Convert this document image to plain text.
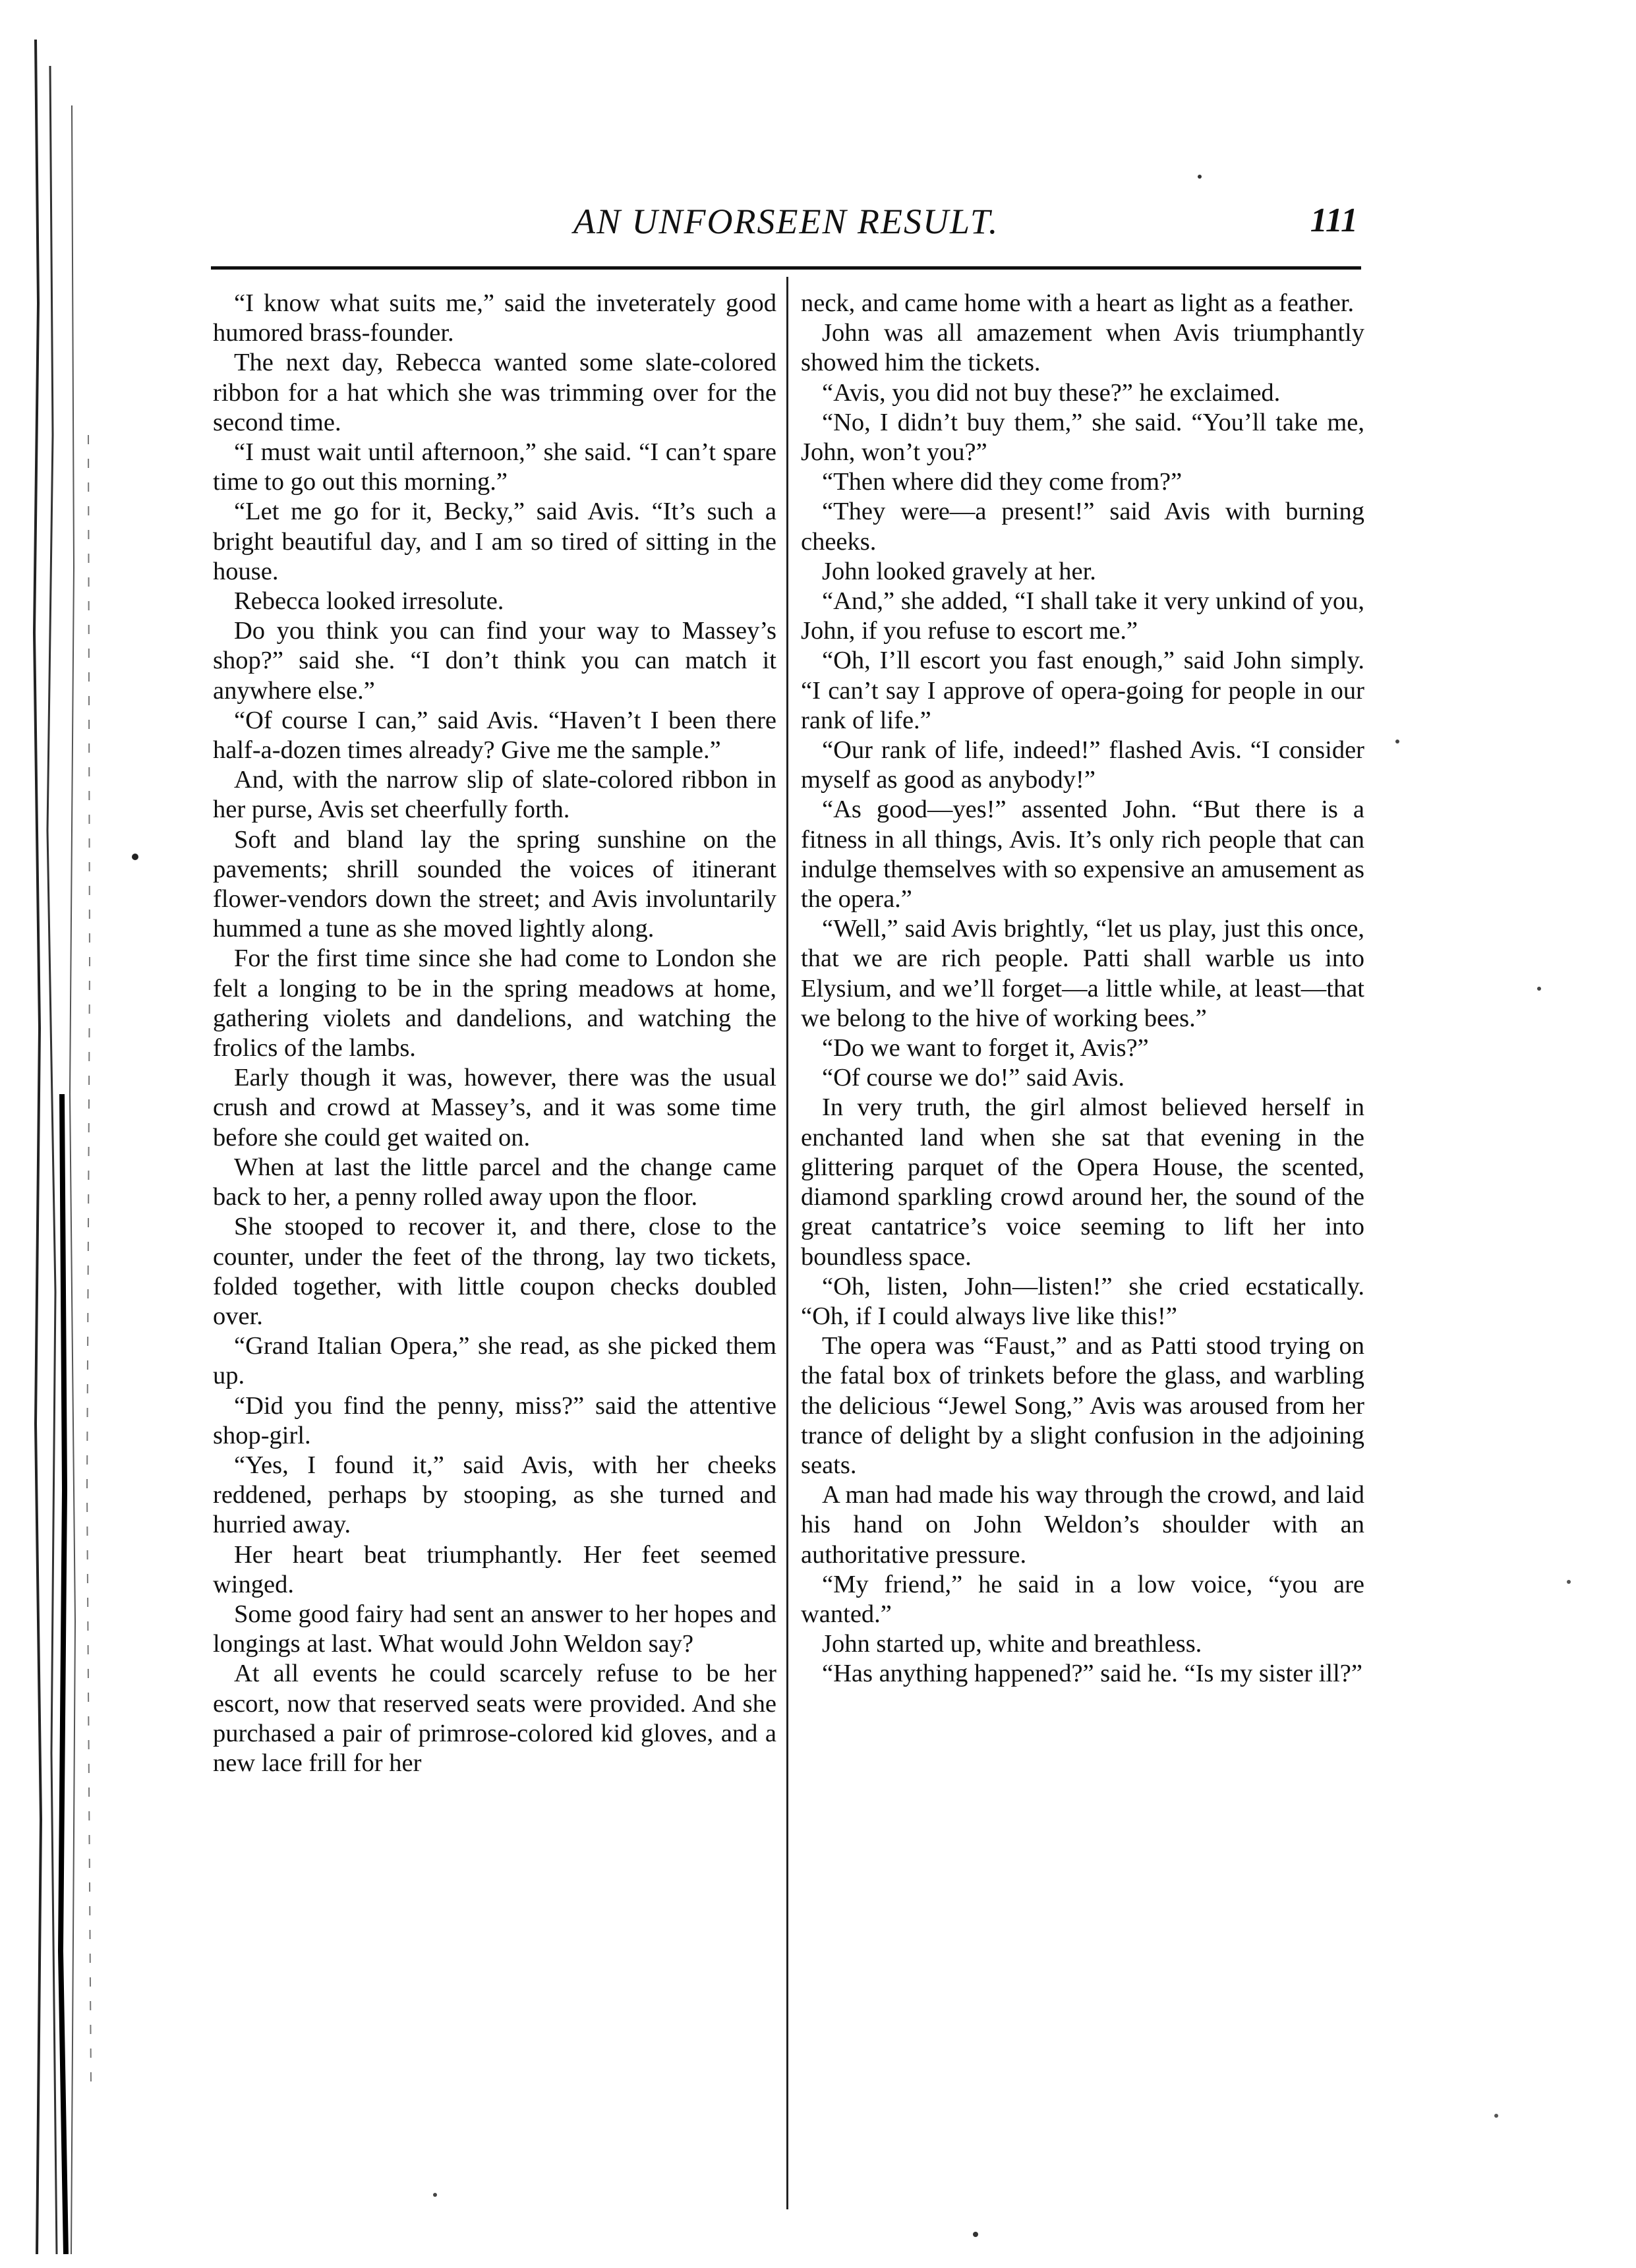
AN UNFORSEEN RESULT.	111

“I know what suits me,” said the inveterately good humored brass-founder.

The next day, Rebecca wanted some slate-colored ribbon for a hat which she was trimming over for the second time.

“I must wait until afternoon,” she said. “I can’t spare time to go out this morning.”

“Let me go for it, Becky,” said Avis. “It’s such a bright beautiful day, and I am so tired of sitting in the house.

Rebecca looked irresolute.

Do you think you can find your way to Massey’s shop?” said she. “I don’t think you can match it anywhere else.”

“Of course I can,” said Avis. “Haven’t I been there half-a-dozen times already? Give me the sample.”

And, with the narrow slip of slate-colored ribbon in her purse, Avis set cheerfully forth.

Soft and bland lay the spring sunshine on the pavements; shrill sounded the voices of itinerant flower-vendors down the street; and Avis involuntarily hummed a tune as she moved lightly along.

For the first time since she had come to London she felt a longing to be in the spring meadows at home, gathering violets and dandelions, and watching the frolics of the lambs.

Early though it was, however, there was the usual crush and crowd at Massey’s, and it was some time before she could get waited on.

When at last the little parcel and the change came back to her, a penny rolled away upon the floor.

She stooped to recover it, and there, close to the counter, under the feet of the throng, lay two tickets, folded together, with little coupon checks doubled over.

“Grand Italian Opera,” she read, as she picked them up.

“Did you find the penny, miss?” said the attentive shop-girl.

“Yes, I found it,” said Avis, with her cheeks reddened, perhaps by stooping, as she turned and hurried away.

Her heart beat triumphantly. Her feet seemed winged.

Some good fairy had sent an answer to her hopes and longings at last. What would John Weldon say?

At all events he could scarcely refuse to be her escort, now that reserved seats were provided. And she purchased a pair of primrose-colored kid gloves, and a new lace frill for her

neck, and came home with a heart as light as a feather.

John was all amazement when Avis triumphantly showed him the tickets.

“Avis, you did not buy these?” he exclaimed.

“No, I didn’t buy them,” she said. “You’ll take me, John, won’t you?”

“Then where did they come from?”

“They were—a present!” said Avis with burning cheeks.

John looked gravely at her.

“And,” she added, “I shall take it very unkind of you, John, if you refuse to escort me.”

“Oh, I’ll escort you fast enough,” said John simply. “I can’t say I approve of opera-going for people in our rank of life.”

“Our rank of life, indeed!” flashed Avis. “I consider myself as good as anybody!”

“As good—yes!” assented John. “But there is a fitness in all things, Avis. It’s only rich people that can indulge themselves with so expensive an amusement as the opera.”

“Well,” said Avis brightly, “let us play, just this once, that we are rich people. Patti shall warble us into Elysium, and we’ll forget—a little while, at least—that we belong to the hive of working bees.”

“Do we want to forget it, Avis?”

“Of course we do!” said Avis.

In very truth, the girl almost believed herself in enchanted land when she sat that evening in the glittering parquet of the Opera House, the scented, diamond sparkling crowd around her, the sound of the great cantatrice’s voice seeming to lift her into boundless space.

“Oh, listen, John—listen!” she cried ecstatically. “Oh, if I could always live like this!”

The opera was “Faust,” and as Patti stood trying on the fatal box of trinkets before the glass, and warbling the delicious “Jewel Song,” Avis was aroused from her trance of delight by a slight confusion in the adjoining seats.

A man had made his way through the crowd, and laid his hand on John Weldon’s shoulder with an authoritative pressure.

“My friend,” he said in a low voice, “you are wanted.”

John started up, white and breathless.

“Has anything happened?” said he. “Is my sister ill?”
